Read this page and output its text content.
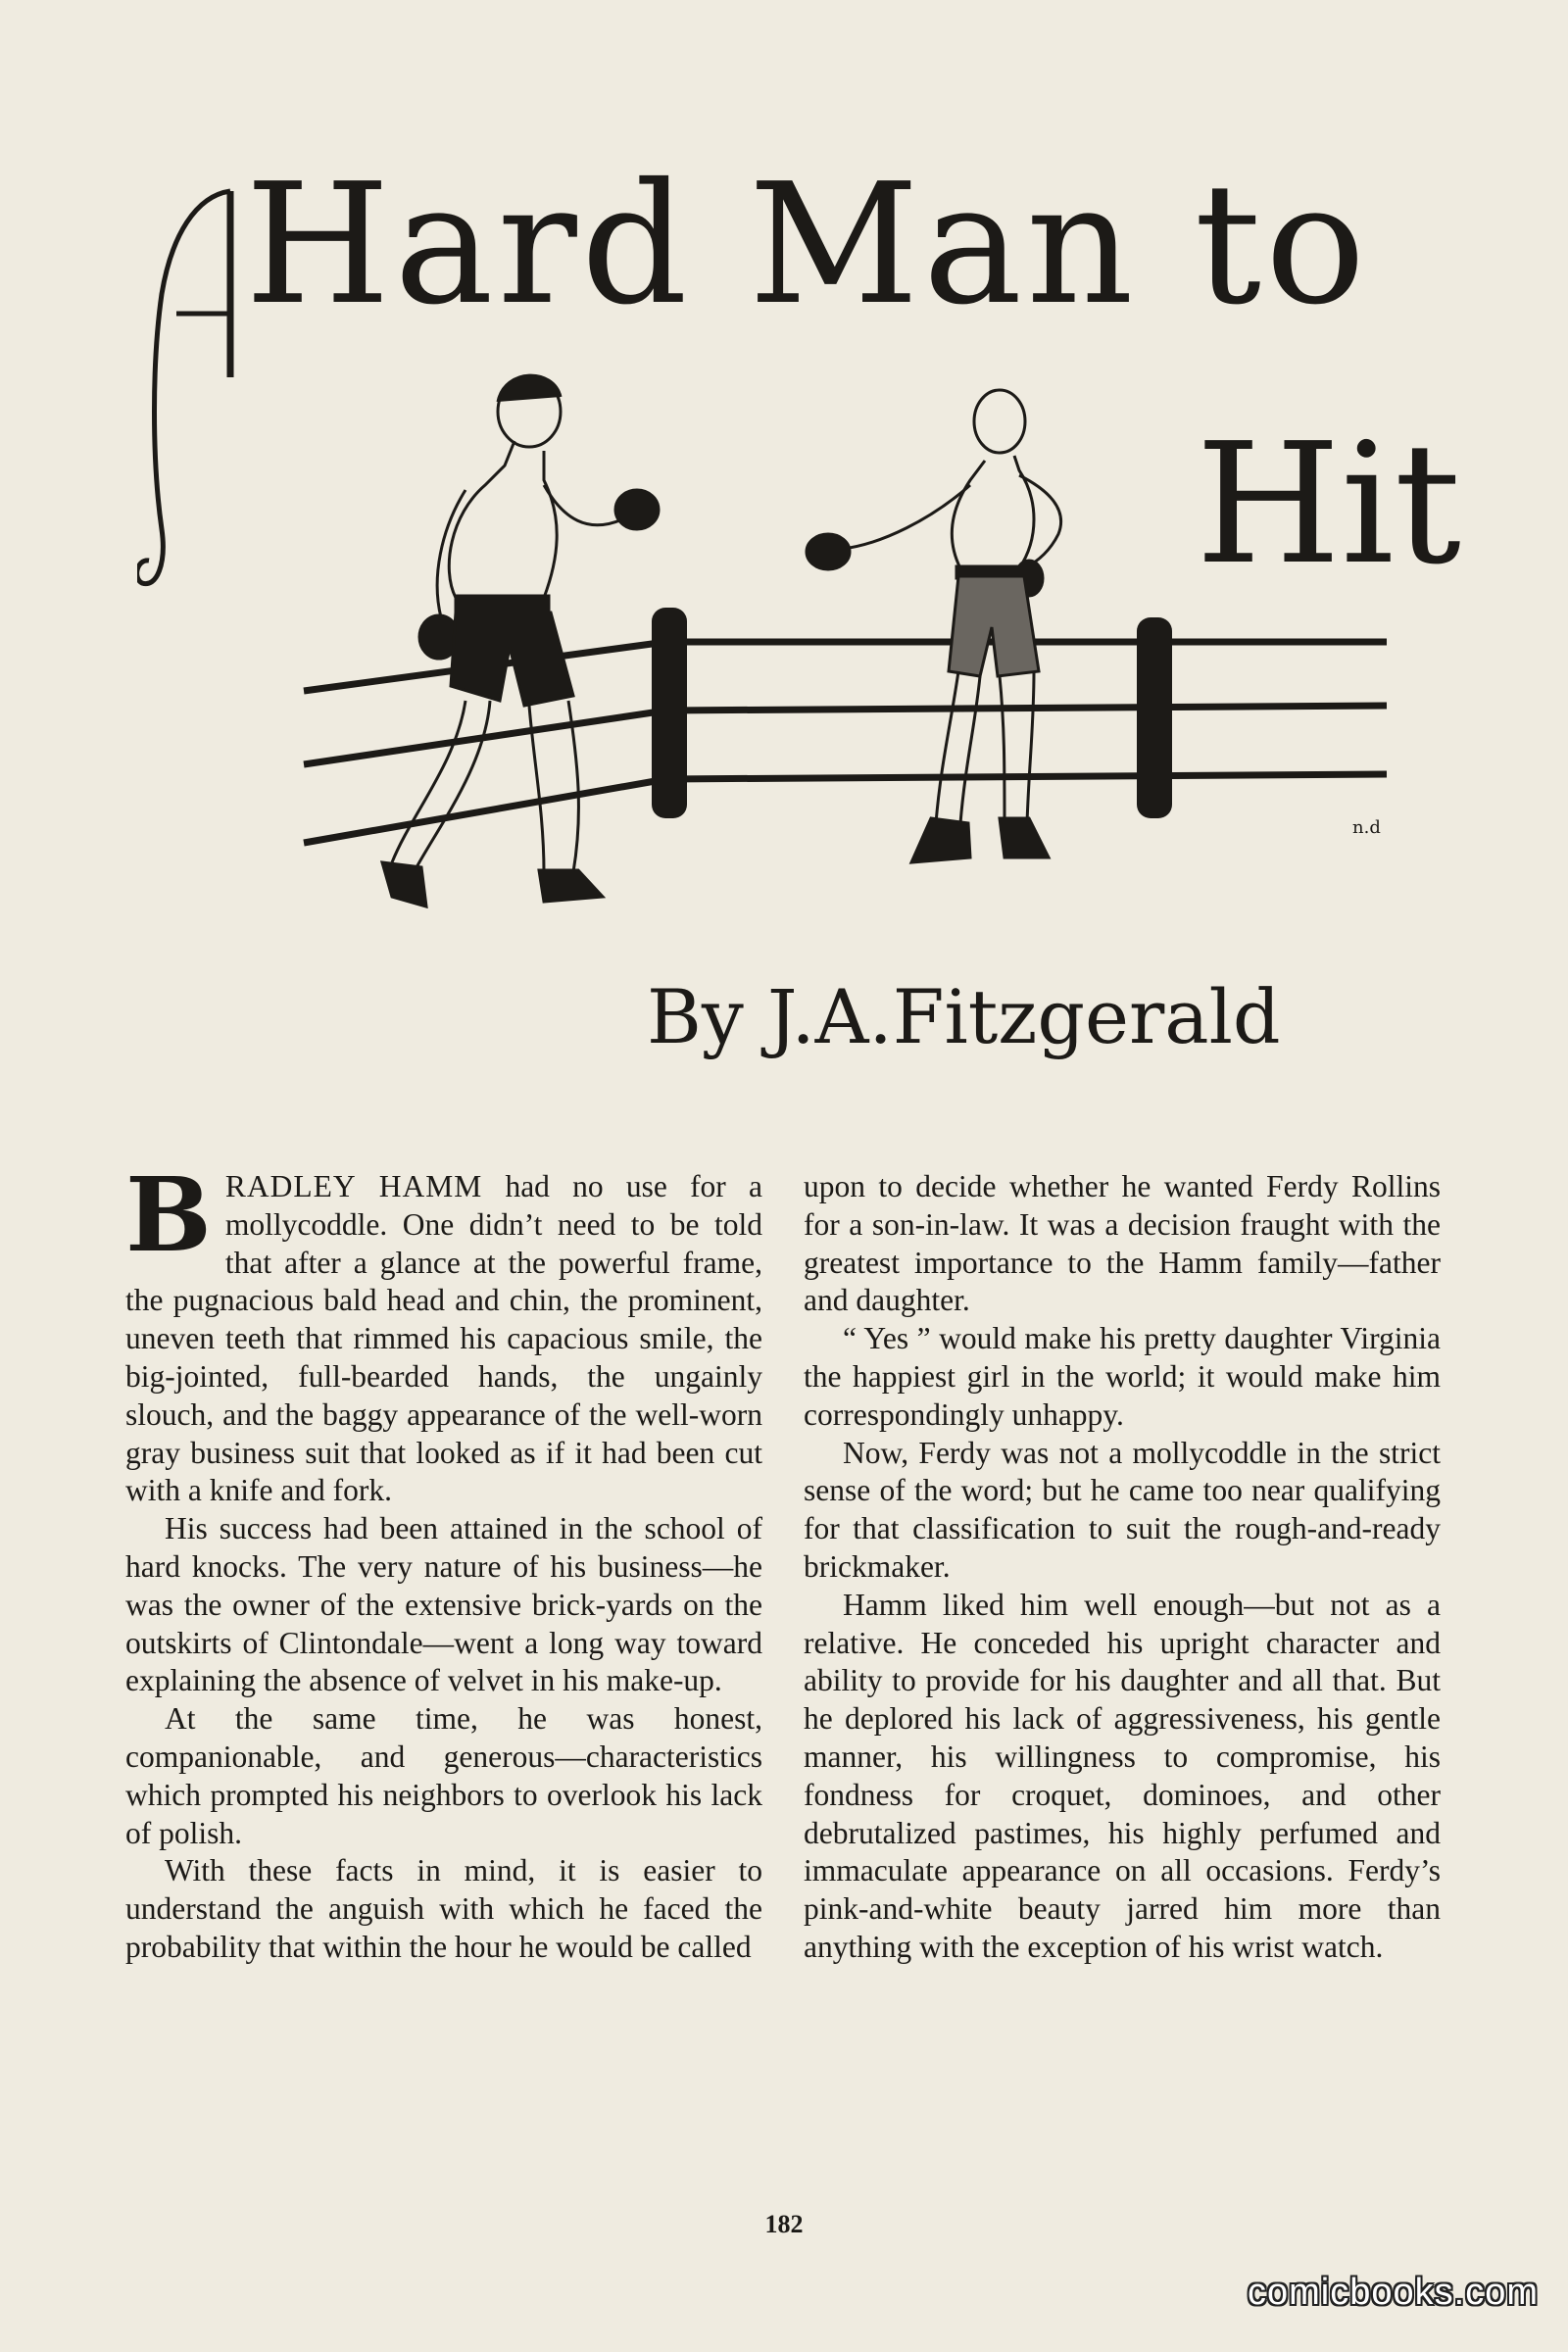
Hard Man to
Hit
n.d
By J.A.Fitzgerald

BRADLEY HAMM had no use for a mollycoddle. One didn’t need to be told that after a glance at the powerful frame, the pugnacious bald head and chin, the prominent, uneven teeth that rimmed his capacious smile, the big-jointed, full-bearded hands, the ungainly slouch, and the baggy appearance of the well-worn gray business suit that looked as if it had been cut with a knife and fork.

His success had been attained in the school of hard knocks. The very nature of his business—he was the owner of the extensive brick-yards on the outskirts of Clintondale—went a long way toward explaining the absence of velvet in his make-up.

At the same time, he was honest, companionable, and generous—characteristics which prompted his neighbors to overlook his lack of polish.

With these facts in mind, it is easier to understand the anguish with which he faced the probability that within the hour he would be called

upon to decide whether he wanted Ferdy Rollins for a son-in-law. It was a decision fraught with the greatest importance to the Hamm family—father and daughter.

“ Yes ” would make his pretty daughter Virginia the happiest girl in the world; it would make him correspondingly unhappy.

Now, Ferdy was not a mollycoddle in the strict sense of the word; but he came too near qualifying for that classification to suit the rough-and-ready brickmaker.

Hamm liked him well enough—but not as a relative. He conceded his upright character and ability to provide for his daughter and all that. But he deplored his lack of aggressiveness, his gentle manner, his willingness to compromise, his fondness for croquet, dominoes, and other debrutalized pastimes, his highly perfumed and immaculate appearance on all occasions. Ferdy’s pink-and-white beauty jarred him more than anything with the exception of his wrist watch.

182
comicbooks.com
